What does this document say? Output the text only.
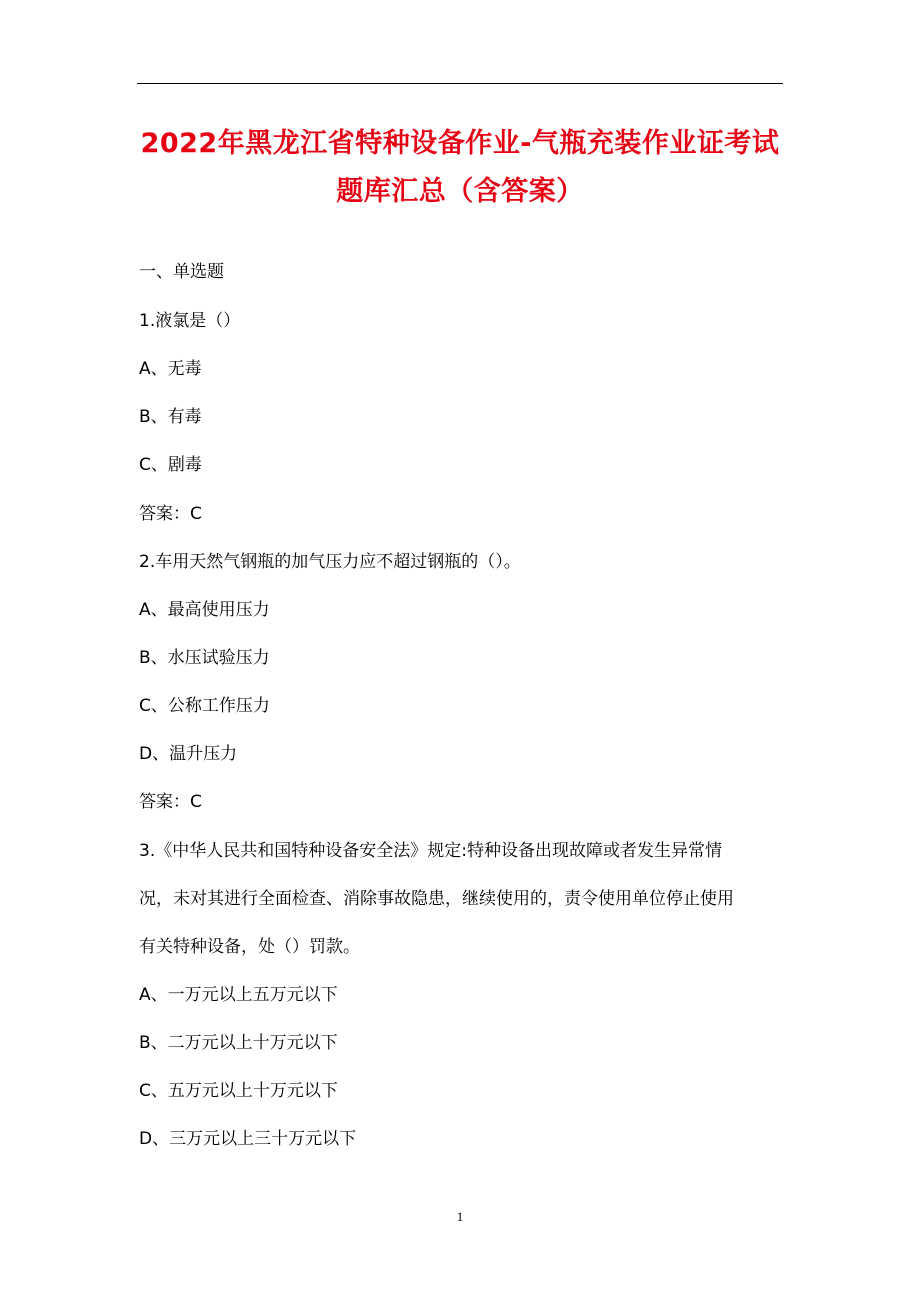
2022年黑龙江省特种设备作业-气瓶充装作业证考试
题库汇总（含答案）
一、单选题
1.液氯是（）
A、无毒
B、有毒
C、剧毒
答案：C
2.车用天然气钢瓶的加气压力应不超过钢瓶的（）。
A、最高使用压力
B、水压试验压力
C、公称工作压力
D、温升压力
答案：C
3.《中华人民共和国特种设备安全法》规定:特种设备出现故障或者发生异常情
况，未对其进行全面检查、消除事故隐患，继续使用的，责令使用单位停止使用
有关特种设备，处（）罚款。
A、一万元以上五万元以下
B、二万元以上十万元以下
C、五万元以上十万元以下
D、三万元以上三十万元以下
1
